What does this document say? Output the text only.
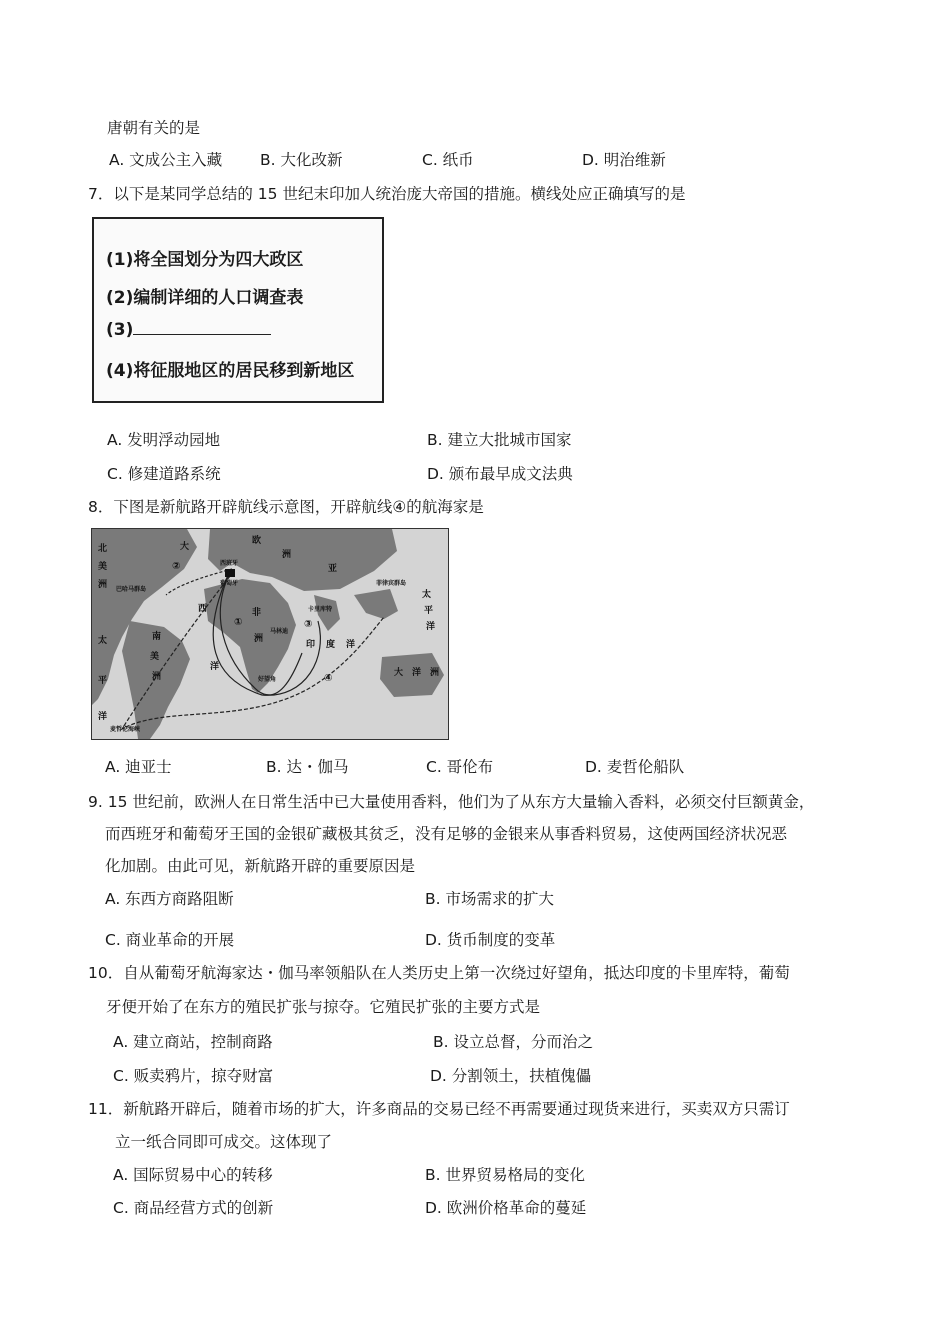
唐朝有关的是
A. 文成公主入藏 B. 大化改新	C. 纸币	D. 明治维新
7．以下是某同学总结的 15 世纪末印加人统治庞大帝国的措施。横线处应正确填写的是
(1)将全国划分为四大政区
(2)编制详细的人口调查表
(3)
(4)将征服地区的居民移到新地区
A. 发明浮动园地	B. 建立大批城市国家
C. 修建道路系统	D. 颁布最早成文法典
8．下图是新航路开辟航线示意图，开辟航线④的航海家是
北
美
洲
大
欧
洲
西班牙
葡萄牙
巴哈马群岛
亚
卡里库特
非
洲
马林迪
菲律宾群岛
太
平
洋
南
美
洲
西
洋
好望角
印 度 洋
大 洋 洲
太
平
洋
麦哲伦海峡
②
①	③
④
A. 迪亚士	B. 达・伽马	C. 哥伦布	D. 麦哲伦船队
9. 15 世纪前，欧洲人在日常生活中已大量使用香料，他们为了从东方大量输入香料，必须交付巨额黄金，
而西班牙和葡萄牙王国的金银矿藏极其贫乏，没有足够的金银来从事香料贸易，这使两国经济状况恶
化加剧。由此可见，新航路开辟的重要原因是
A. 东西方商路阻断	B. 市场需求的扩大
C. 商业革命的开展	D. 货币制度的变革
10．自从葡萄牙航海家达・伽马率领船队在人类历史上第一次绕过好望角，抵达印度的卡里库特，葡萄
牙便开始了在东方的殖民扩张与掠夺。它殖民扩张的主要方式是
A. 建立商站，控制商路	B. 设立总督，分而治之
C. 贩卖鸦片，掠夺财富	D. 分割领土，扶植傀儡
11．新航路开辟后，随着市场的扩大，许多商品的交易已经不再需要通过现货来进行，买卖双方只需订
立一纸合同即可成交。这体现了
A. 国际贸易中心的转移	B. 世界贸易格局的变化
C. 商品经营方式的创新	D. 欧洲价格革命的蔓延
